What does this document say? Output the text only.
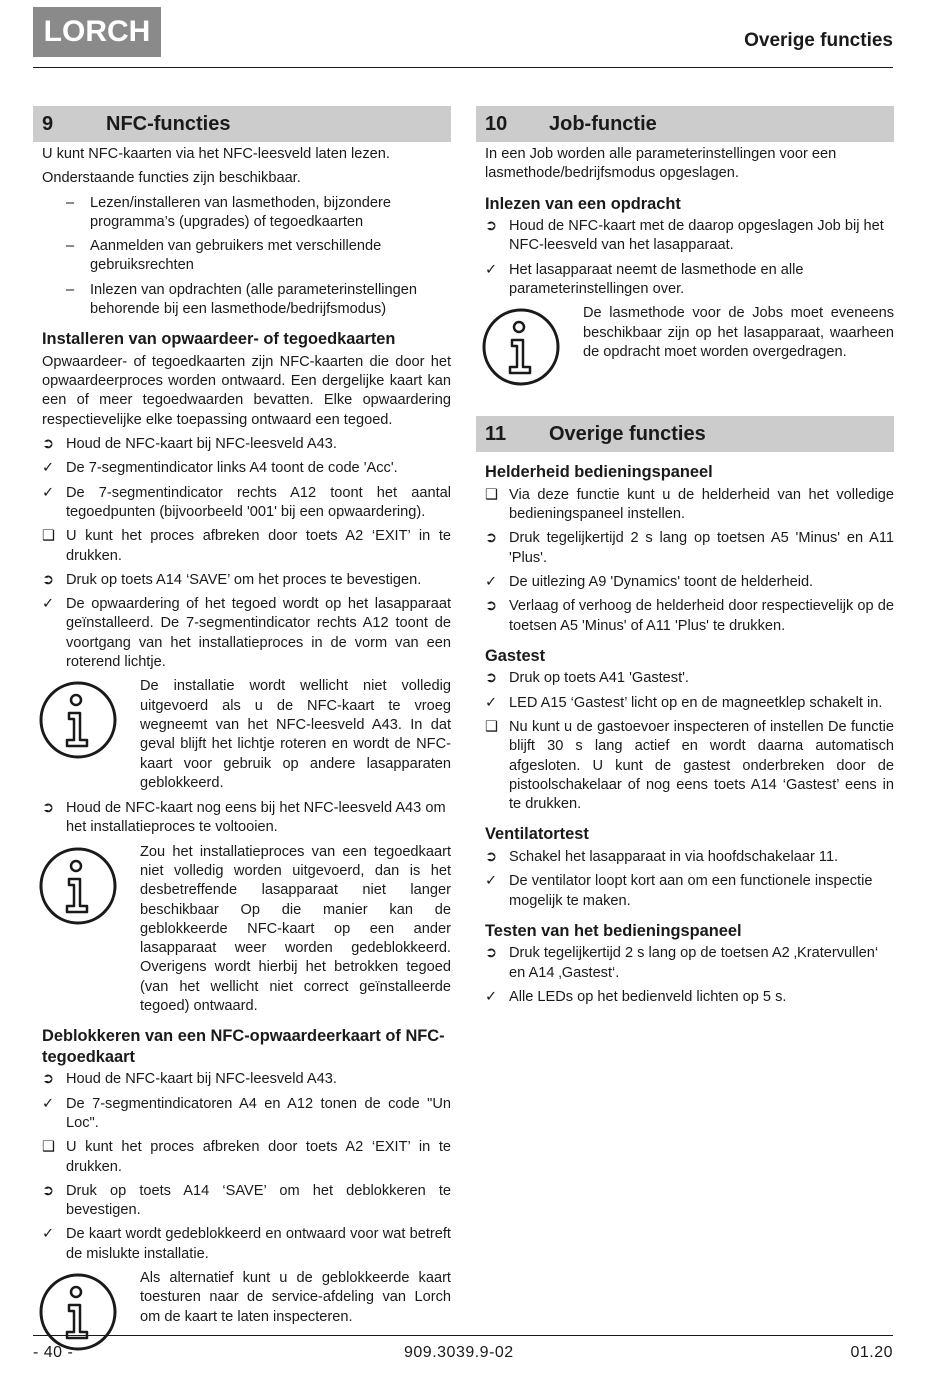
LORCH	Overige functies
9	NFC-functies

U kunt NFC-kaarten via het NFC-leesveld laten lezen.

Onderstaande functies zijn beschikbaar.

–	Lezen/installeren van lasmethoden, bijzondere programma’s (upgrades) of tegoedkaarten
–	Aanmelden van gebruikers met verschillende gebruiksrechten
–	Inlezen van opdrachten (alle parameterinstellingen behorende bij een lasmethode/bedrijfsmodus)
Installeren van opwaardeer- of tegoedkaarten

Opwaardeer- of tegoedkaarten zijn NFC-kaarten die door het opwaardeerproces worden ontwaard. Een dergelijke kaart kan een of meer tegoedwaarden bevatten. Elke opwaardering respectievelijke elke toepassing ontwaard een tegoed.

➲ Houd de NFC-kaart bij NFC-leesveld A43.
✓ De 7-segmentindicator links A4 toont de code 'Acc'.
✓ De 7-segmentindicator rechts A12 toont het aantal tegoedpunten (bijvoorbeeld '001' bij een opwaardering).
❑ U kunt het proces afbreken door toets A2 ‘EXIT’ in te drukken.
➲ Druk op toets A14 ‘SAVE’ om het proces te bevestigen.
✓ De opwaardering of het tegoed wordt op het lasapparaat geïnstalleerd. De 7-segmentindicator rechts A12 toont de voortgang van het installatieproces in de vorm van een roterend lichtje.
De installatie wordt wellicht niet volledig uitgevoerd als u de NFC-kaart te vroeg wegneemt van het NFC-leesveld A43. In dat geval blijft het lichtje roteren en wordt de NFC-kaart voor gebruik op andere lasapparaten geblokkeerd.
➲ Houd de NFC-kaart nog eens bij het NFC-leesveld A43 om het installatieproces te voltooien.
Zou het installatieproces van een tegoedkaart niet volledig worden uitgevoerd, dan is het desbetreffende lasapparaat niet langer beschikbaar Op die manier kan de geblokkeerde NFC-kaart op een ander lasapparaat weer worden gedeblokkeerd. Overigens wordt hierbij het betrokken tegoed (van het wellicht niet correct geïnstalleerde tegoed) ontwaard.
Deblokkeren van een NFC-opwaardeerkaart of NFC-tegoedkaart
➲ Houd de NFC-kaart bij NFC-leesveld A43.
✓ De 7-segmentindicatoren A4 en A12 tonen de code "Un Loc".
❑ U kunt het proces afbreken door toets A2 ‘EXIT’ in te drukken.
➲ Druk op toets A14 ‘SAVE’ om het deblokkeren te bevestigen.
✓ De kaart wordt gedeblokkeerd en ontwaard voor wat betreft de mislukte installatie.
Als alternatief kunt u de geblokkeerde kaart toesturen naar de service-afdeling van Lorch om de kaart te laten inspecteren.
10 Job-functie

In een Job worden alle parameterinstellingen voor een lasmethode/bedrijfsmodus opgeslagen.

Inlezen van een opdracht
➲ Houd de NFC-kaart met de daarop opgeslagen Job bij het NFC-leesveld van het lasapparaat.
✓ Het lasapparaat neemt de lasmethode en alle parameterinstellingen over.
De lasmethode voor de Jobs moet eveneens beschikbaar zijn op het lasapparaat, waarheen de opdracht moet worden overgedragen.
11 Overige functies
Helderheid bedieningspaneel
❑ Via deze functie kunt u de helderheid van het volledige bedieningspaneel instellen.
➲ Druk tegelijkertijd 2 s lang op toetsen A5 'Minus' en A11 'Plus'.
✓ De uitlezing A9 'Dynamics' toont de helderheid.
➲ Verlaag of verhoog de helderheid door respectievelijk op de toetsen A5 'Minus' of A11 'Plus' te drukken.
Gastest
➲ Druk op toets A41 'Gastest'.
✓ LED A15 ‘Gastest’ licht op en de magneetklep schakelt in.
❑ Nu kunt u de gastoevoer inspecteren of instellen De functie blijft 30 s lang actief en wordt daarna automatisch afgesloten. U kunt de gastest onderbreken door de pistoolschakelaar of nog eens toets A14 ‘Gastest’ eens in te drukken.
Ventilatortest
➲ Schakel het lasapparaat in via hoofdschakelaar 11.
✓ De ventilator loopt kort aan om een functionele inspectie mogelijk te maken.
Testen van het bedieningspaneel
➲ Druk tegelijkertijd 2 s lang op de toetsen A2 ‚Kratervullen‘ en A14 ‚Gastest‘.
✓ Alle LEDs op het bedienveld lichten op 5 s.
- 40 -	909.3039.9-02	01.20
